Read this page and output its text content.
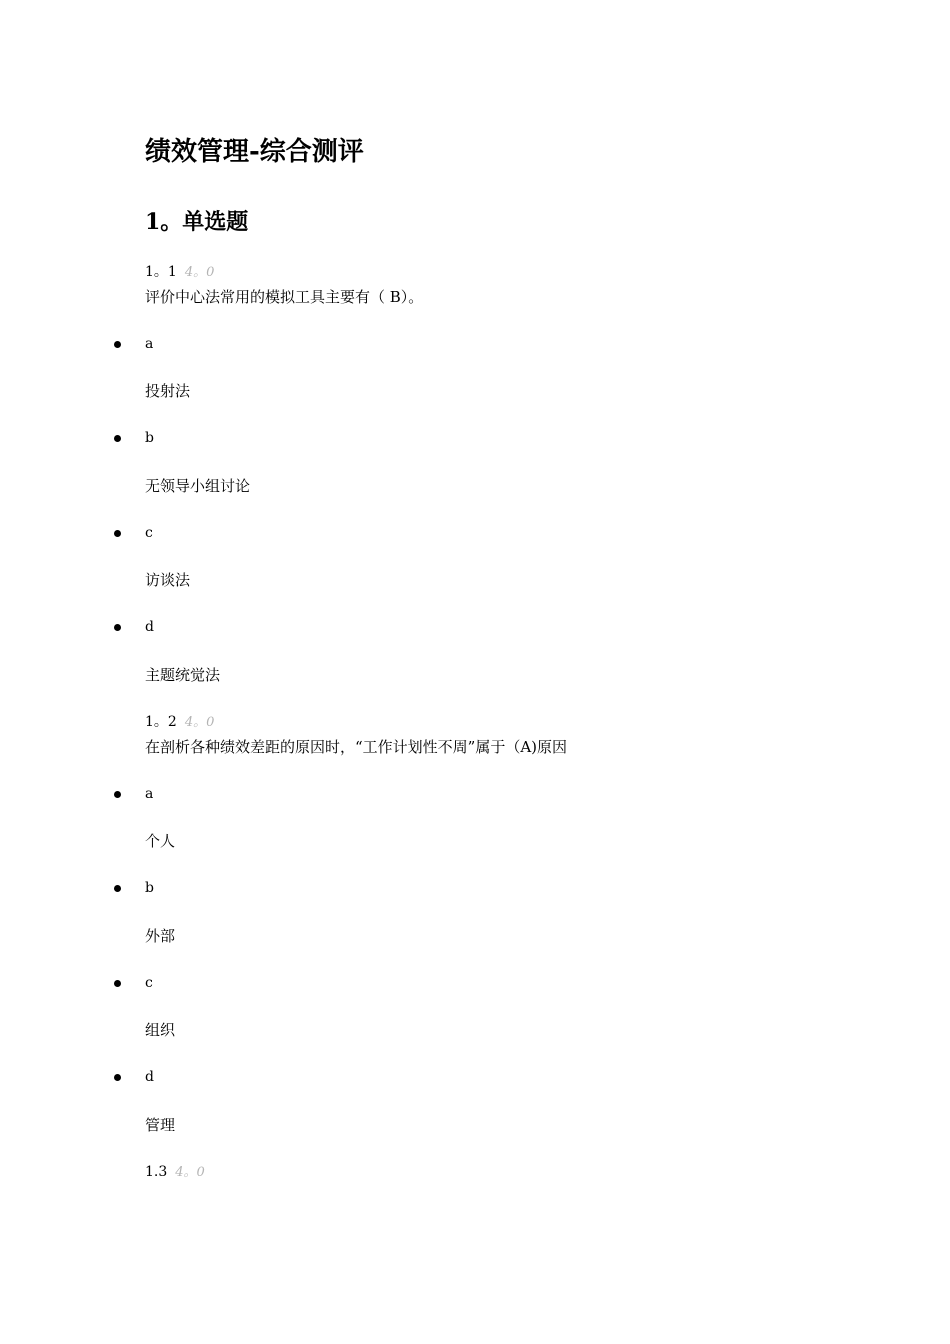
绩效管理-综合测评
1。单选题
1。1 4。0
评价中心法常用的模拟工具主要有（ B）。
a
投射法
b
无领导小组讨论
c
访谈法
d
主题统觉法
1。2 4。0
在剖析各种绩效差距的原因时，“工作计划性不周”属于（A)原因
a
个人
b
外部
c
组织
d
管理
1.3 4。0
